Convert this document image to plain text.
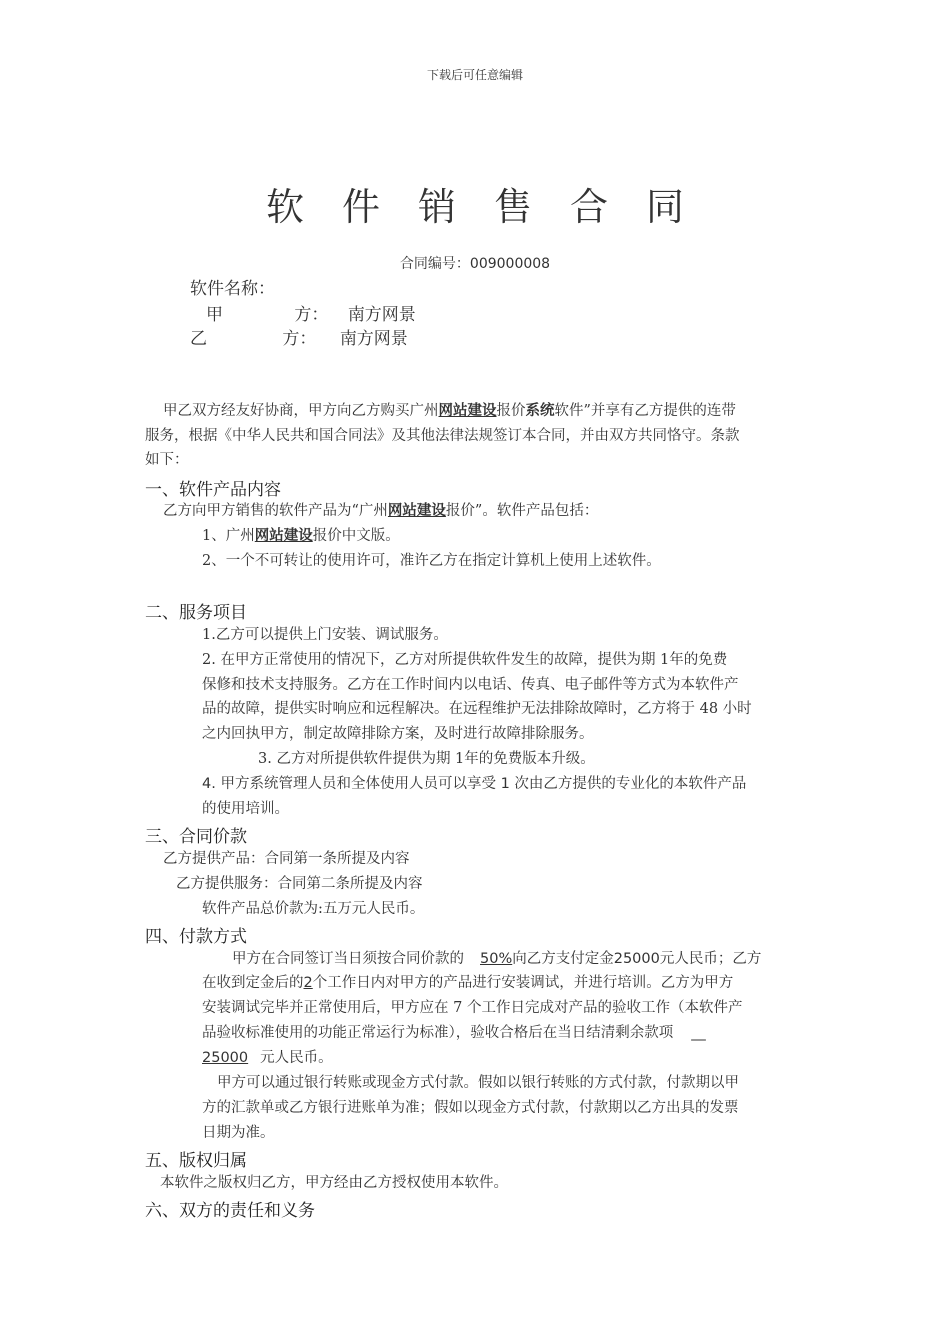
下载后可任意编辑
软件销售合同
合同编号：009000008
软件名称：
甲	方： 南方网景
乙	方： 南方网景
甲乙双方经友好协商，甲方向乙方购买广州网站建设报价系统软件”并享有乙方提供的连带
服务，根据《中华人民共和国合同法》及其他法律法规签订本合同，并由双方共同恪守。条款
如下：
一、软件产品内容
乙方向甲方销售的软件产品为“广州网站建设报价”。软件产品包括：
1、广州网站建设报价中文版。
2、一个不可转让的使用许可，准许乙方在指定计算机上使用上述软件。
二、服务项目
1.乙方可以提供上门安装、调试服务。
2. 在甲方正常使用的情况下，乙方对所提供软件发生的故障，提供为期 1年的免费
保修和技术支持服务。乙方在工作时间内以电话、传真、电子邮件等方式为本软件产
品的故障，提供实时响应和远程解决。在远程维护无法排除故障时，乙方将于 48 小时
之内回执甲方，制定故障排除方案，及时进行故障排除服务。
3. 乙方对所提供软件提供为期 1年的免费版本升级。
4. 甲方系统管理人员和全体使用人员可以享受 1 次由乙方提供的专业化的本软件产品
的使用培训。
三、合同价款
乙方提供产品：合同第一条所提及内容
乙方提供服务：合同第二条所提及内容
软件产品总价款为:五万元人民币。
四、付款方式
甲方在合同签订当日须按合同价款的 50%向乙方支付定金25000元人民币；乙方
在收到定金后的2个工作日内对甲方的产品进行安装调试，并进行培训。乙方为甲方
安装调试完毕并正常使用后，甲方应在 7 个工作日完成对产品的验收工作（本软件产
品验收标准使用的功能正常运行为标准），验收合格后在当日结清剩余款项 __
25000 元人民币。
甲方可以通过银行转账或现金方式付款。假如以银行转账的方式付款，付款期以甲
方的汇款单或乙方银行进账单为准；假如以现金方式付款，付款期以乙方出具的发票
日期为准。
五、版权归属
本软件之版权归乙方，甲方经由乙方授权使用本软件。
六、双方的责任和义务
